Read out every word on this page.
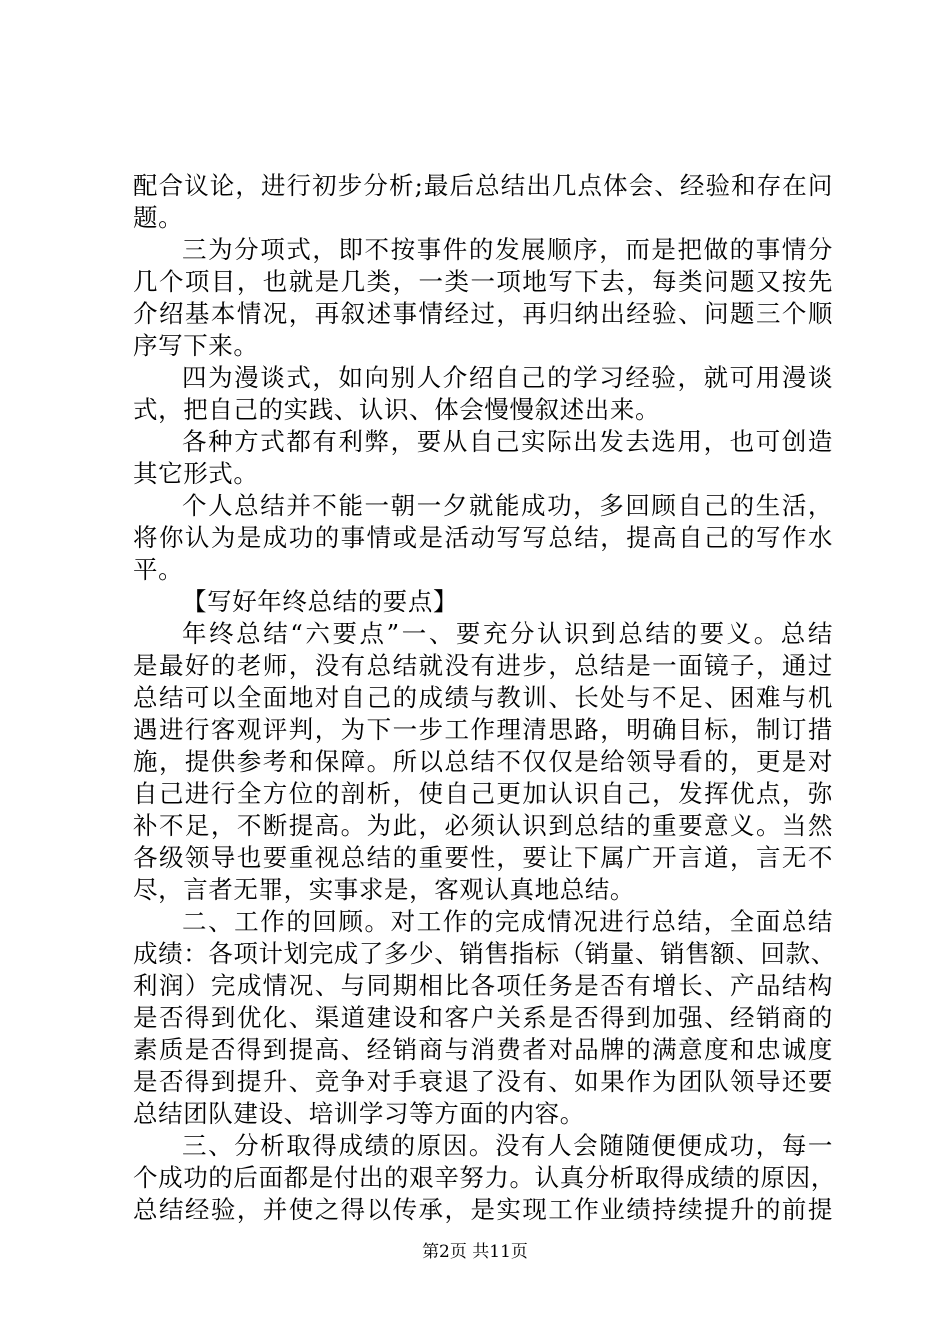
配合议论，进行初步分析;最后总结出几点体会、经验和存在问
题。
三为分项式，即不按事件的发展顺序，而是把做的事情分
几个项目，也就是几类，一类一项地写下去，每类问题又按先
介绍基本情况，再叙述事情经过，再归纳出经验、问题三个顺
序写下来。
四为漫谈式，如向别人介绍自己的学习经验，就可用漫谈
式，把自己的实践、认识、体会慢慢叙述出来。
各种方式都有利弊，要从自己实际出发去选用，也可创造
其它形式。
个人总结并不能一朝一夕就能成功，多回顾自己的生活，
将你认为是成功的事情或是活动写写总结，提高自己的写作水
平。
【写好年终总结的要点】
年终总结“六要点”一、要充分认识到总结的要义。总结
是最好的老师，没有总结就没有进步，总结是一面镜子，通过
总结可以全面地对自己的成绩与教训、长处与不足、困难与机
遇进行客观评判，为下一步工作理清思路，明确目标，制订措
施，提供参考和保障。所以总结不仅仅是给领导看的，更是对
自己进行全方位的剖析，使自己更加认识自己，发挥优点，弥
补不足，不断提高。为此，必须认识到总结的重要意义。当然
各级领导也要重视总结的重要性，要让下属广开言道，言无不
尽，言者无罪，实事求是，客观认真地总结。
二、工作的回顾。对工作的完成情况进行总结，全面总结
成绩：各项计划完成了多少、销售指标（销量、销售额、回款、
利润）完成情况、与同期相比各项任务是否有增长、产品结构
是否得到优化、渠道建设和客户关系是否得到加强、经销商的
素质是否得到提高、经销商与消费者对品牌的满意度和忠诚度
是否得到提升、竞争对手衰退了没有、如果作为团队领导还要
总结团队建设、培训学习等方面的内容。
三、分析取得成绩的原因。没有人会随随便便成功，每一
个成功的后面都是付出的艰辛努力。认真分析取得成绩的原因，
总结经验，并使之得以传承，是实现工作业绩持续提升的前提
第2页 共11页
